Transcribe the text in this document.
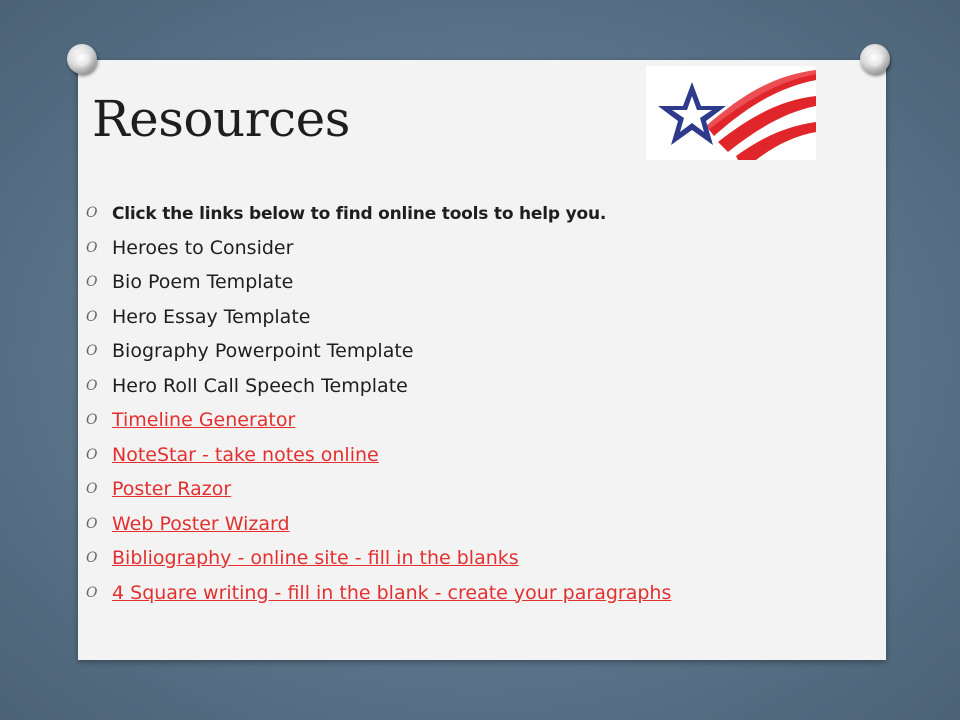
Resources
O Click the links below to find online tools to help you.
O Heroes to Consider
O Bio Poem Template
O Hero Essay Template
O Biography Powerpoint Template
O Hero Roll Call Speech Template
O Timeline Generator
O NoteStar - take notes online
O Poster Razor
O Web Poster Wizard
O Bibliography - online site - fill in the blanks
O 4 Square writing - fill in the blank - create your paragraphs
